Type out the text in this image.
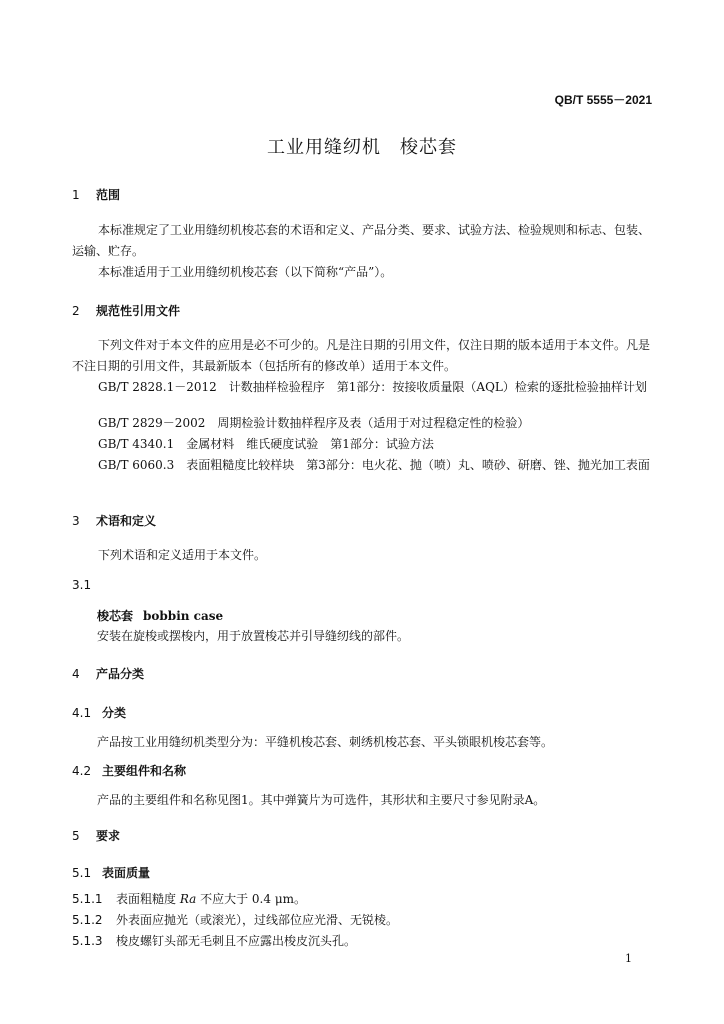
QB/T 5555－2021
工业用缝纫机　梭芯套
1 范围
本标准规定了工业用缝纫机梭芯套的术语和定义、产品分类、要求、试验方法、检验规则和标志、包装、运输、贮存。
本标准适用于工业用缝纫机梭芯套（以下简称“产品”）。
2 规范性引用文件
下列文件对于本文件的应用是必不可少的。凡是注日期的引用文件，仅注日期的版本适用于本文件。凡是不注日期的引用文件，其最新版本（包括所有的修改单）适用于本文件。
GB/T 2828.1－2012　计数抽样检验程序　第1部分：按接收质量限（AQL）检索的逐批检验抽样计划
GB/T 2829－2002　周期检验计数抽样程序及表（适用于对过程稳定性的检验）
GB/T 4340.1　金属材料　维氏硬度试验　第1部分：试验方法
GB/T 6060.3　表面粗糙度比较样块　第3部分：电火花、抛（喷）丸、喷砂、研磨、锉、抛光加工表面
3 术语和定义
下列术语和定义适用于本文件。
3.1
梭芯套 bobbin case
安装在旋梭或摆梭内，用于放置梭芯并引导缝纫线的部件。
4 产品分类
4.1 分类
产品按工业用缝纫机类型分为：平缝机梭芯套、刺绣机梭芯套、平头锁眼机梭芯套等。
4.2 主要组件和名称
产品的主要组件和名称见图1。其中弹簧片为可选件，其形状和主要尺寸参见附录A。
5 要求
5.1 表面质量
5.1.1 表面粗糙度 Ra 不应大于 0.4 μm。
5.1.2 外表面应抛光（或滚光），过线部位应光滑、无锐棱。
5.1.3 梭皮螺钉头部无毛刺且不应露出梭皮沉头孔。
1
